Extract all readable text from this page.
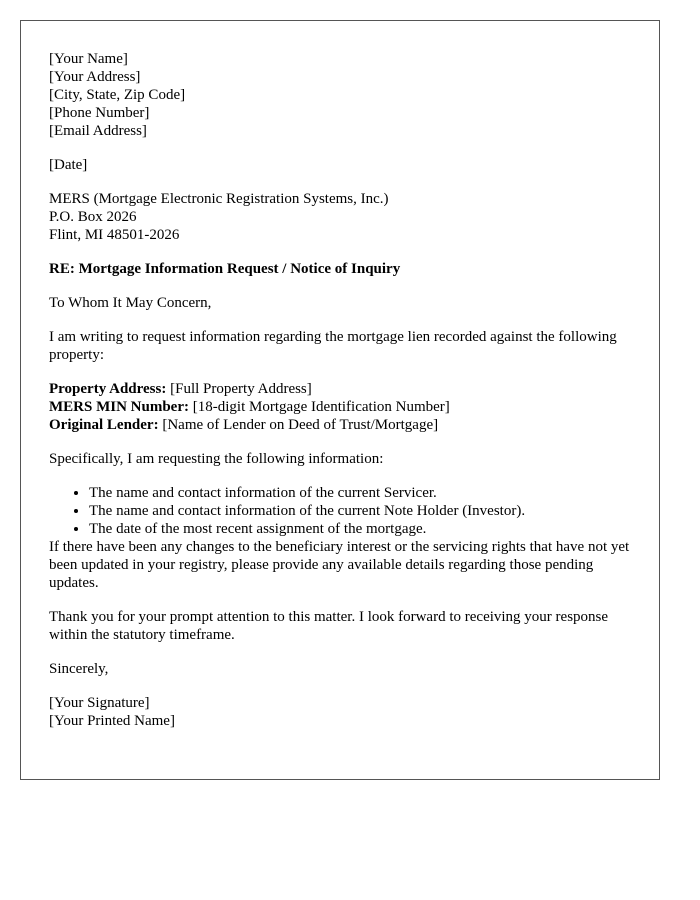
[Your Name]
[Your Address]
[City, State, Zip Code]
[Phone Number]
[Email Address]
[Date]
MERS (Mortgage Electronic Registration Systems, Inc.)
P.O. Box 2026
Flint, MI 48501-2026
RE: Mortgage Information Request / Notice of Inquiry
To Whom It May Concern,

I am writing to request information regarding the mortgage lien recorded against the following property:

Property Address: [Full Property Address]
MERS MIN Number: [18-digit Mortgage Identification Number]
Original Lender: [Name of Lender on Deed of Trust/Mortgage]
Specifically, I am requesting the following information:
• The name and contact information of the current Servicer.
• The name and contact information of the current Note Holder (Investor).
• The date of the most recent assignment of the mortgage.

If there have been any changes to the beneficiary interest or the servicing rights that have not yet been updated in your registry, please provide any available details regarding those pending updates.

Thank you for your prompt attention to this matter. I look forward to receiving your response within the statutory timeframe.

Sincerely,
[Your Signature]
[Your Printed Name]
